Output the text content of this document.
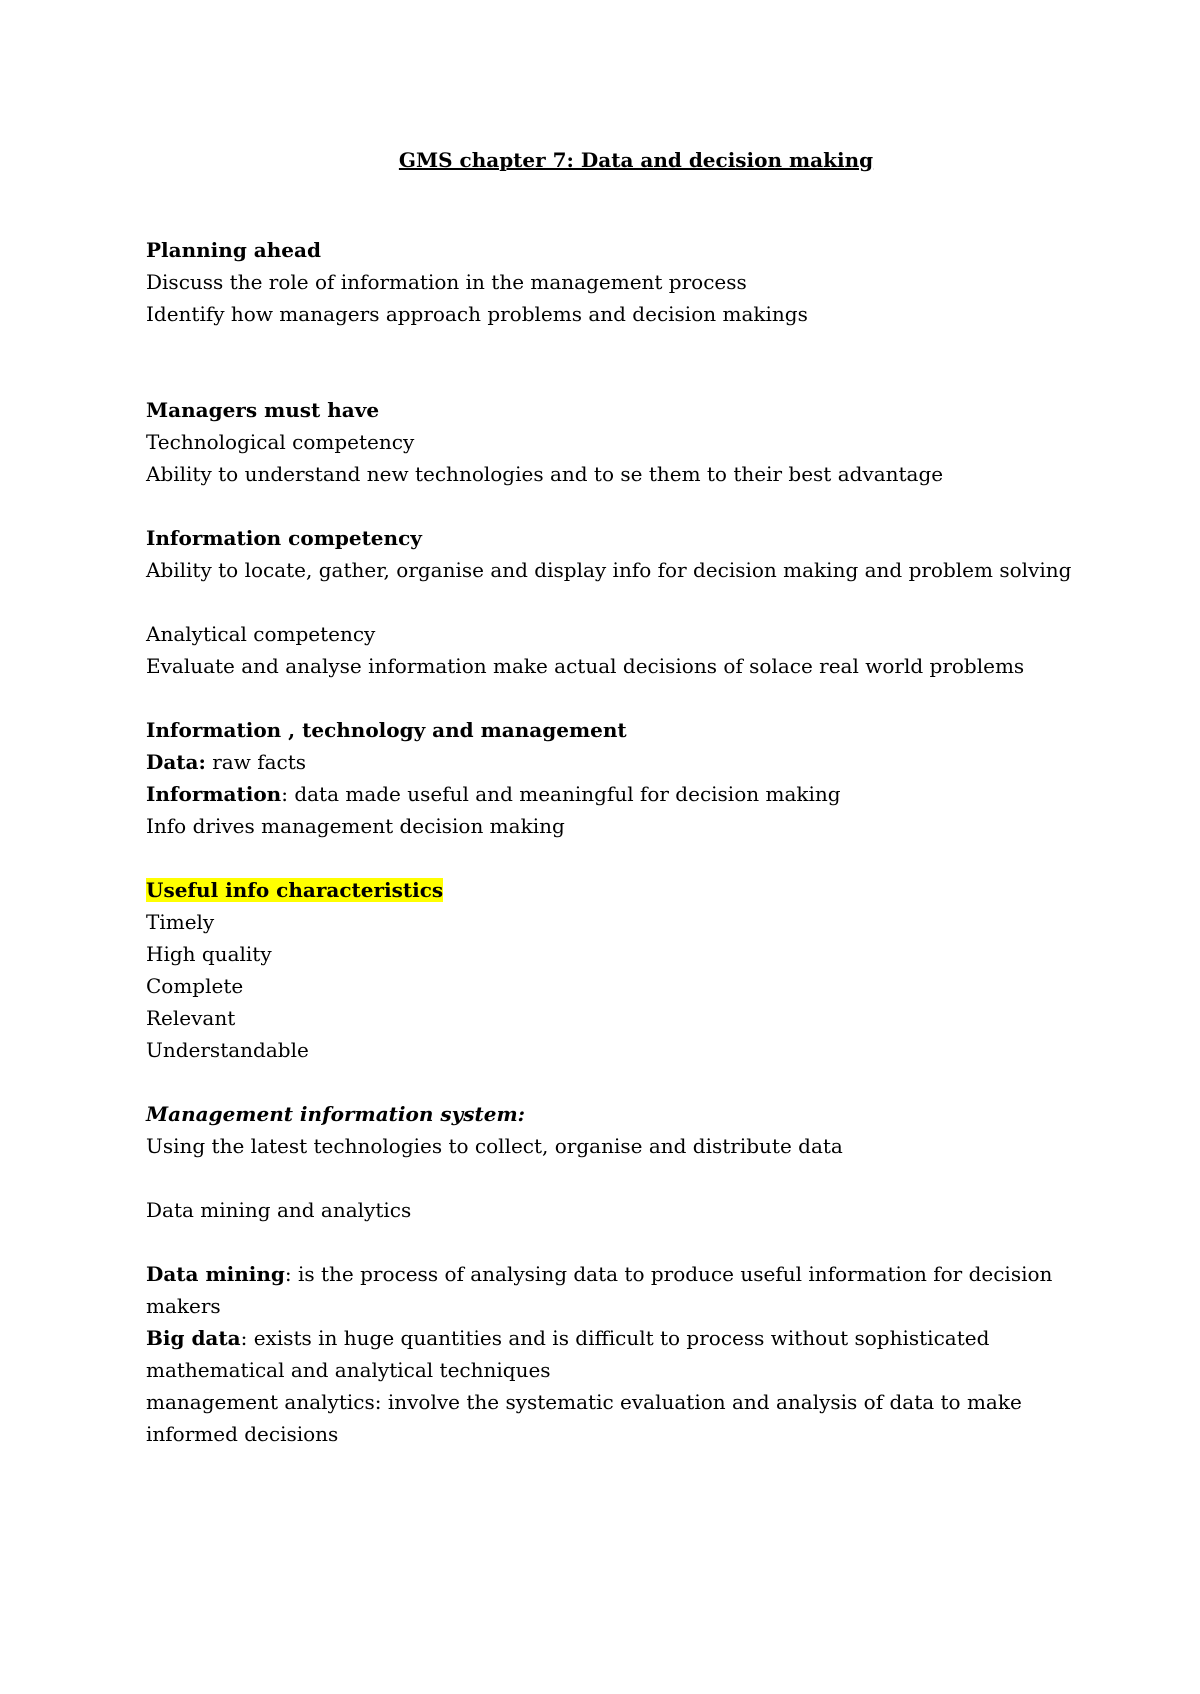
GMS chapter 7: Data and decision making

Planning ahead

Discuss the role of information in the management process

Identify how managers approach problems and decision makings

Managers must have

Technological competency

Ability to understand new technologies and to se them to their best advantage

Information competency

Ability to locate, gather, organise and display info for decision making and problem solving

Analytical competency

Evaluate and analyse information make actual decisions of solace real world problems

Information , technology and management

Data: raw facts

Information: data made useful and meaningful for decision making

Info drives management decision making

Useful info characteristics

Timely

High quality

Complete

Relevant

Understandable

Management information system:

Using the latest technologies to collect, organise and distribute data

Data mining and analytics

Data mining: is the process of analysing data to produce useful information for decision makers

Big data: exists in huge quantities and is difficult to process without sophisticated mathematical and analytical techniques

management analytics: involve the systematic evaluation and analysis of data to make informed decisions
